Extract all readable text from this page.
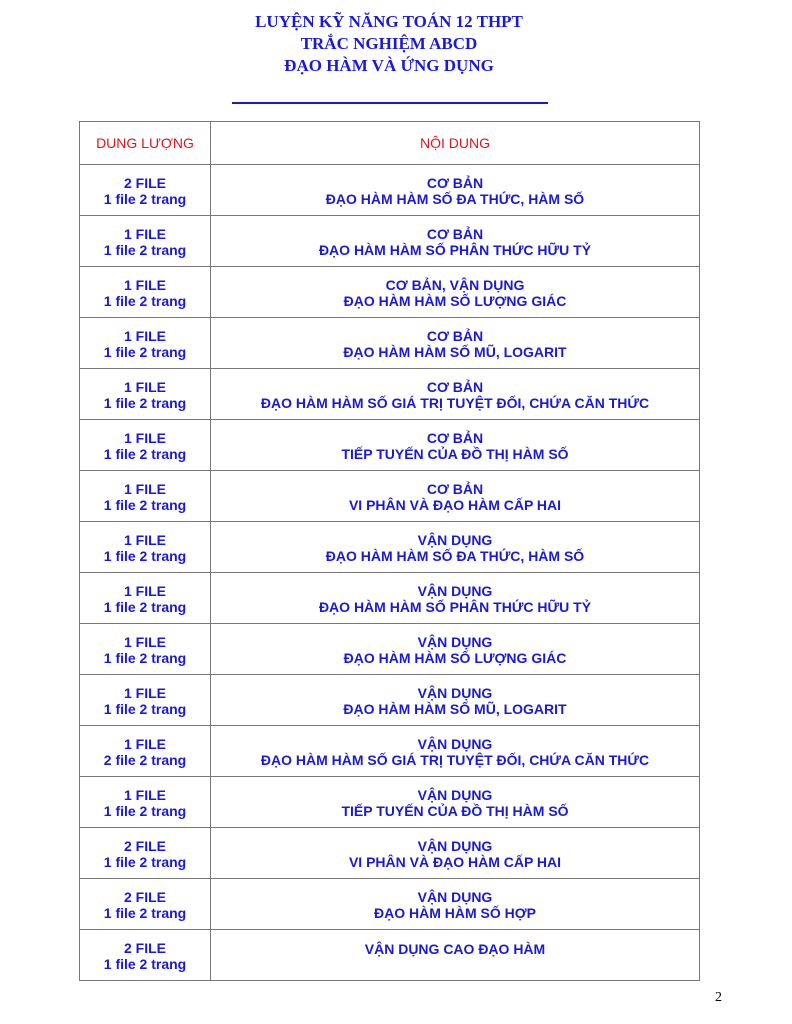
LUYỆN KỸ NĂNG TOÁN 12 THPT
TRẮC NGHIỆM ABCD
ĐẠO HÀM VÀ ỨNG DỤNG
DUNG LƯỢNG	NỘI DUNG

2 FILE
1 file 2 trang	CƠ BẢN
ĐẠO HÀM HÀM SỐ ĐA THỨC, HÀM SỐ

1 FILE
1 file 2 trang	CƠ BẢN
ĐẠO HÀM HÀM SỐ PHÂN THỨC HỮU TỶ

1 FILE
1 file 2 trang	CƠ BẢN, VẬN DỤNG
ĐẠO HÀM HÀM SỐ LƯỢNG GIÁC

1 FILE
1 file 2 trang	CƠ BẢN
ĐẠO HÀM HÀM SỐ MŨ, LOGARIT

1 FILE
1 file 2 trang	CƠ BẢN
ĐẠO HÀM HÀM SỐ GIÁ TRỊ TUYỆT ĐỐI, CHỨA CĂN THỨC

1 FILE
1 file 2 trang	CƠ BẢN
TIẾP TUYẾN CỦA ĐỒ THỊ HÀM SỐ

1 FILE
1 file 2 trang	CƠ BẢN
VI PHÂN VÀ ĐẠO HÀM CẤP HAI

1 FILE
1 file 2 trang	VẬN DỤNG
ĐẠO HÀM HÀM SỐ ĐA THỨC, HÀM SỐ

1 FILE
1 file 2 trang	VẬN DỤNG
ĐẠO HÀM HÀM SỐ PHÂN THỨC HỮU TỶ

1 FILE
1 file 2 trang	VẬN DỤNG
ĐẠO HÀM HÀM SỐ LƯỢNG GIÁC

1 FILE
1 file 2 trang	VẬN DỤNG
ĐẠO HÀM HÀM SỐ MŨ, LOGARIT

1 FILE
2 file 2 trang	VẬN DỤNG
ĐẠO HÀM HÀM SỐ GIÁ TRỊ TUYỆT ĐỐI, CHỨA CĂN THỨC

1 FILE
1 file 2 trang	VẬN DỤNG
TIẾP TUYẾN CỦA ĐỒ THỊ HÀM SỐ

2 FILE
1 file 2 trang	VẬN DỤNG
VI PHÂN VÀ ĐẠO HÀM CẤP HAI

2 FILE
1 file 2 trang	VẬN DỤNG
ĐẠO HÀM HÀM SỐ HỢP

2 FILE
1 file 2 trang	VẬN DỤNG CAO ĐẠO HÀM
2
